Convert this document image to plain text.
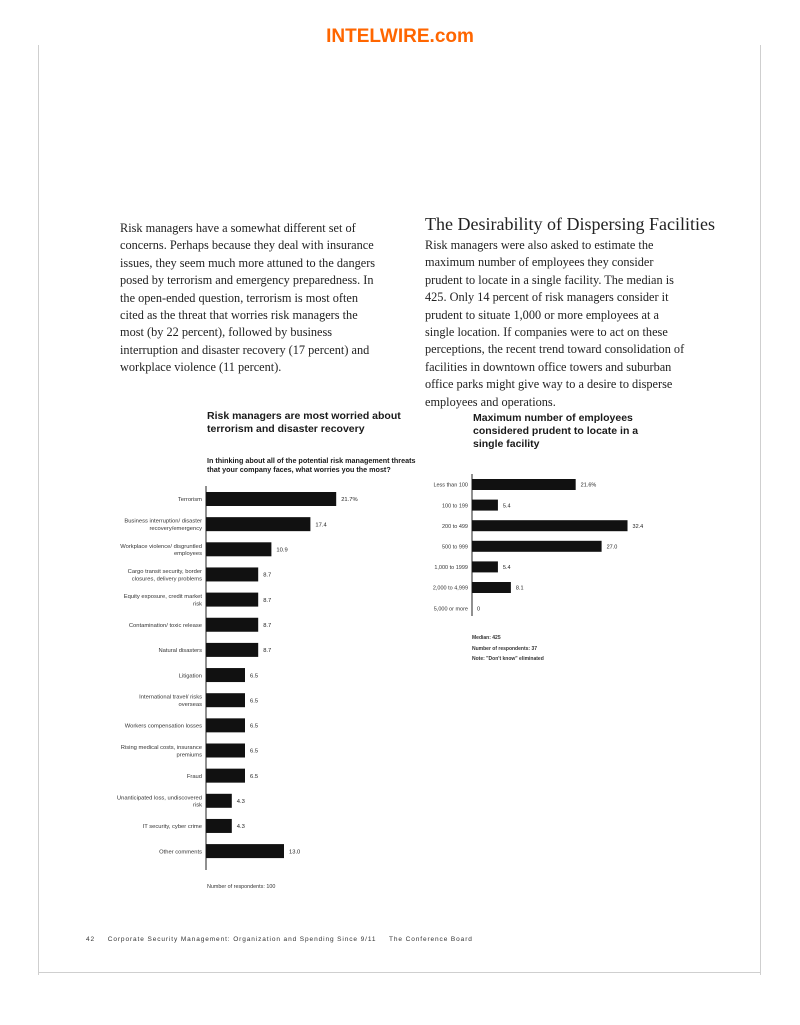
INTELWIRE.com
Risk managers have a somewhat different set of concerns. Perhaps because they deal with insurance issues, they seem much more attuned to the dangers posed by terrorism and emergency preparedness. In the open-ended question, terrorism is most often cited as the threat that worries risk managers the most (by 22 percent), followed by business interruption and disaster recovery (17 percent) and workplace violence (11 percent).
The Desirability of Dispersing Facilities
Risk managers were also asked to estimate the maximum number of employees they consider prudent to locate in a single facility. The median is 425. Only 14 percent of risk managers consider it prudent to situate 1,000 or more employees at a single location. If companies were to act on these perceptions, the recent trend toward consolidation of facilities in downtown office towers and suburban office parks might give way to a desire to disperse employees and operations.
Risk managers are most worried about terrorism and disaster recovery
In thinking about all of the potential risk management threats that your company faces, what worries you the most?
21.7%
Terrorism
17.4
Business interruption/ disaster recovery/emergency
10.9
Workplace violence/ disgruntled employees
8.7
Cargo transit security, border closures, delivery problems
8.7
Equity exposure, credit market risk
8.7
Contamination/ toxic release
8.7
Natural disasters
6.5
Litigation
6.5
International travel/ risks overseas
6.5
Workers compensation losses
6.5
Rising medical costs, insurance premiums
6.5
Fraud
4.3
Unanticipated loss, undiscovered risk
4.3
IT security, cyber crime
13.0
Other comments
Number of respondents: 100
Maximum number of employees considered prudent to locate in a single facility
21.6%
Less than 100
5.4
100 to 199
32.4
200 to 499
27.0
500 to 999
5.4
1,000 to 1999
8.1
2,000 to 4,999
0
5,000 or more
Median: 425
Number of respondents: 37
Note: "Don't know" eliminated
42 Corporate Security Management: Organization and Spending Since 9/11 The Conference Board
